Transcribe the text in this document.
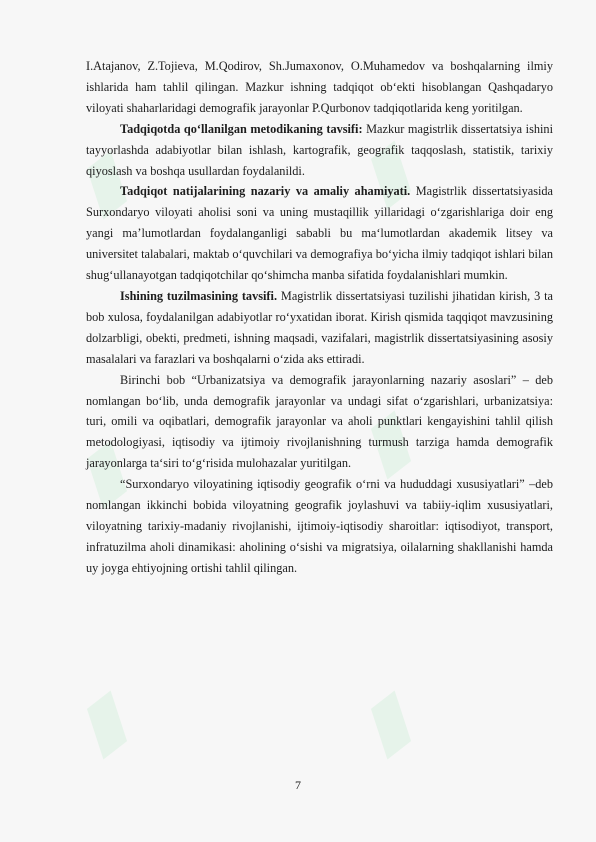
​

I.Atajanov, Z.Tojieva, M.Qodirov, Sh.Jumaxonov, O.Muhamedov va boshqalarning ilmiy ishlarida ham tahlil qilingan. Mazkur ishning tadqiqot ob‘ekti hisoblangan Qashqadaryo viloyati shaharlaridagi demografik jarayonlar P.Qurbonov tadqiqotlarida keng yoritilgan.

Tadqiqotda qo‘llanilgan metodikaning tavsifi: Mazkur magistrlik dissertatsiya ishini tayyorlashda adabiyotlar bilan ishlash, kartografik, geografik taqqoslash, statistik, tarixiy qiyoslash va boshqa usullardan foydalanildi.

Tadqiqot natijalarining nazariy va amaliy ahamiyati. Magistrlik dissertatsiyasida Surxondaryo viloyati aholisi soni va uning mustaqillik yillaridagi o‘zgarishlariga doir eng yangi ma’lumotlardan foydalanganligi sababli bu ma‘lumotlardan akademik litsey va universitet talabalari, maktab o‘quvchilari va demografiya bo‘yicha ilmiy tadqiqot ishlari bilan shug‘ullanayotgan tadqiqotchilar qo‘shimcha manba sifatida foydalanishlari mumkin.

Ishining tuzilmasining tavsifi. Magistrlik dissertatsiyasi tuzilishi jihatidan kirish, 3 ta bob xulosa, foydalanilgan adabiyotlar ro‘yxatidan iborat. Kirish qismida taqqiqot mavzusining dolzarbligi, obekti, predmeti, ishning maqsadi, vazifalari, magistrlik dissertatsiyasining asosiy masalalari va farazlari va boshqalarni o‘zida aks ettiradi.

Birinchi bob “Urbanizatsiya va demografik jarayonlarning nazariy asoslari” – deb nomlangan bo‘lib, unda demografik jarayonlar va undagi sifat o‘zgarishlari, urbanizatsiya: turi, omili va oqibatlari, demografik jarayonlar va aholi punktlari kengayishini tahlil qilish metodologiyasi, iqtisodiy va ijtimoiy rivojlanishning turmush tarziga hamda demografik jarayonlarga ta‘siri to‘g‘risida mulohazalar yuritilgan.

“Surxondaryo viloyatining iqtisodiy geografik o‘rni va hududdagi xususiyatlari” –deb nomlangan ikkinchi bobida viloyatning geografik joylashuvi va tabiiy-iqlim xususiyatlari, viloyatning tarixiy-madaniy rivojlanishi, ijtimoiy-iqtisodiy sharoitlar: iqtisodiyot, transport, infratuzilma aholi dinamikasi: aholining o‘sishi va migratsiya, oilalarning shakllanishi hamda uy joyga ehtiyojning ortishi tahlil qilingan.

7
